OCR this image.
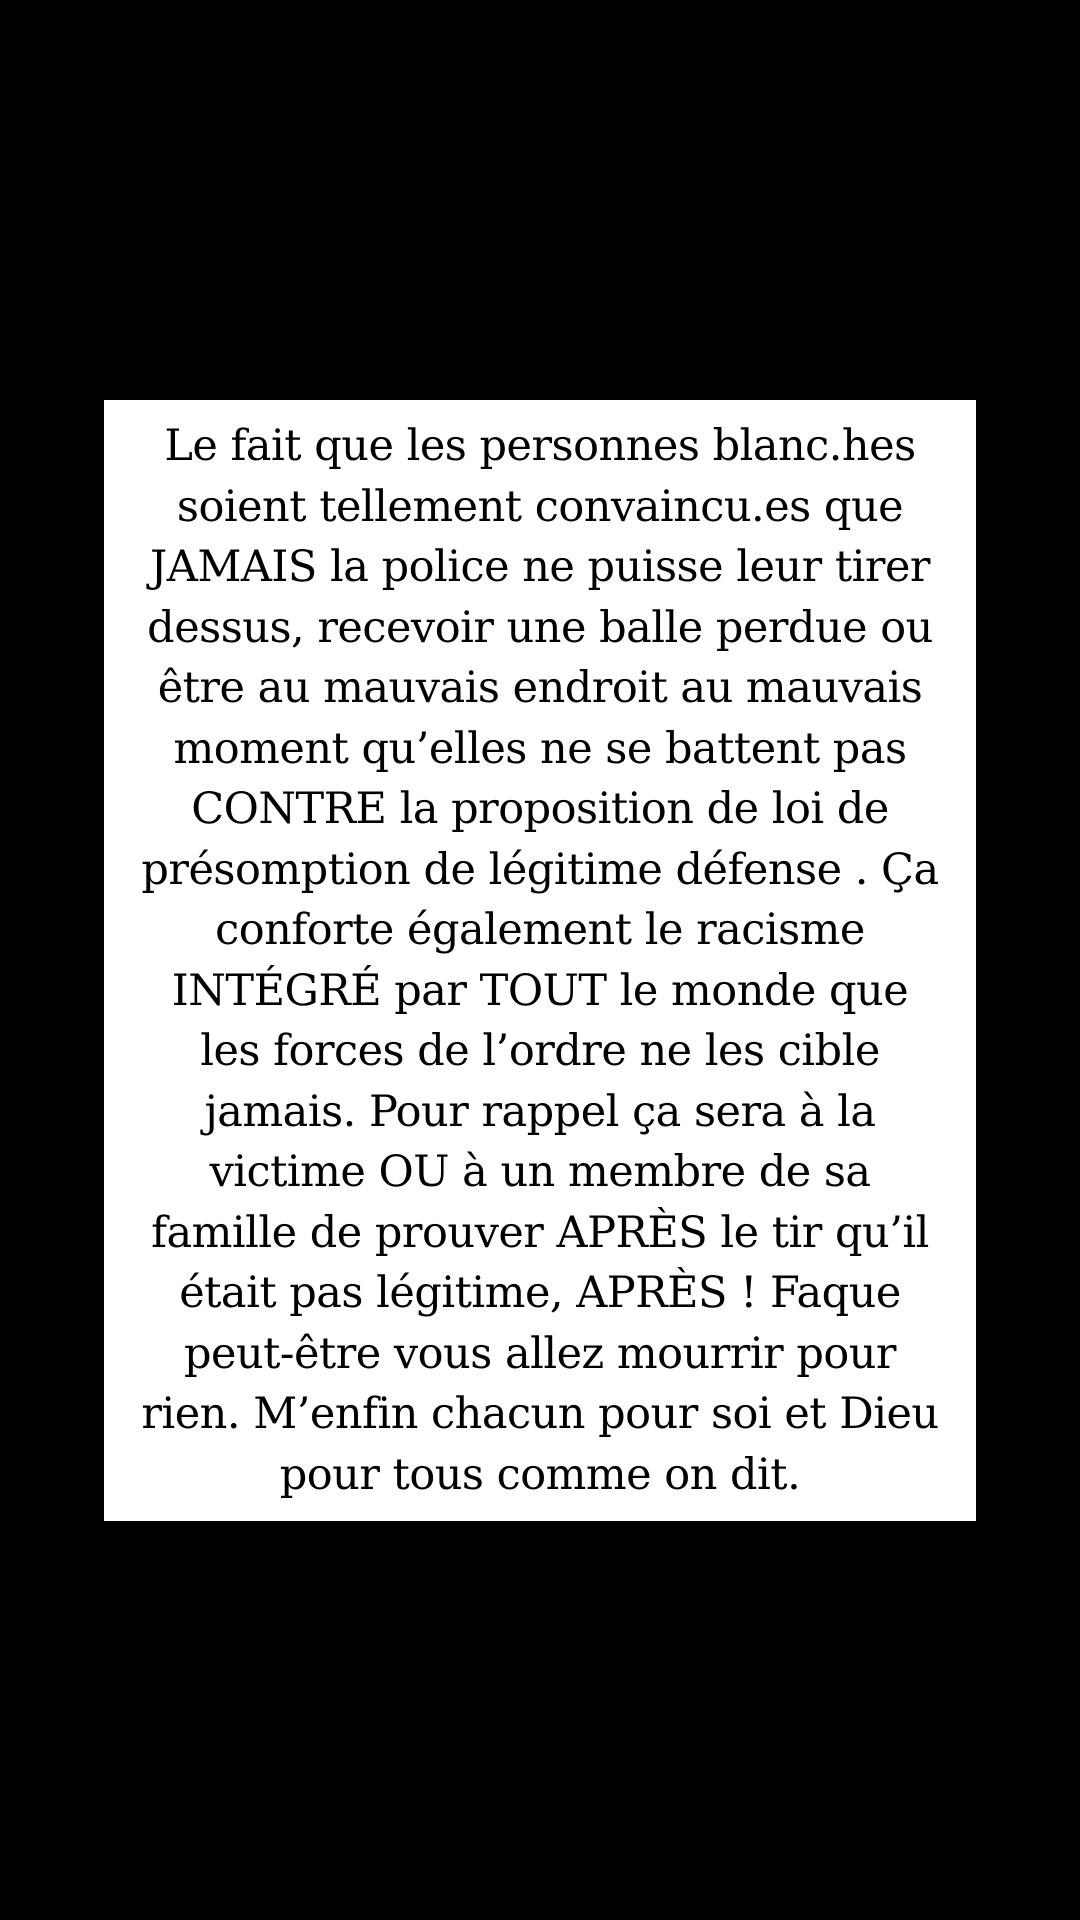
Le fait que les personnes blanc.hes
soient tellement convaincu.es que
JAMAIS la police ne puisse leur tirer
dessus, recevoir une balle perdue ou
être au mauvais endroit au mauvais
moment qu’elles ne se battent pas
CONTRE la proposition de loi de
présomption de légitime défense . Ça
conforte également le racisme
INTÉGRÉ par TOUT le monde que
les forces de l’ordre ne les cible
jamais. Pour rappel ça sera à la
victime OU à un membre de sa
famille de prouver APRÈS le tir qu’il
était pas légitime, APRÈS ! Faque
peut-être vous allez mourrir pour
rien. M’enfin chacun pour soi et Dieu
pour tous comme on dit.
